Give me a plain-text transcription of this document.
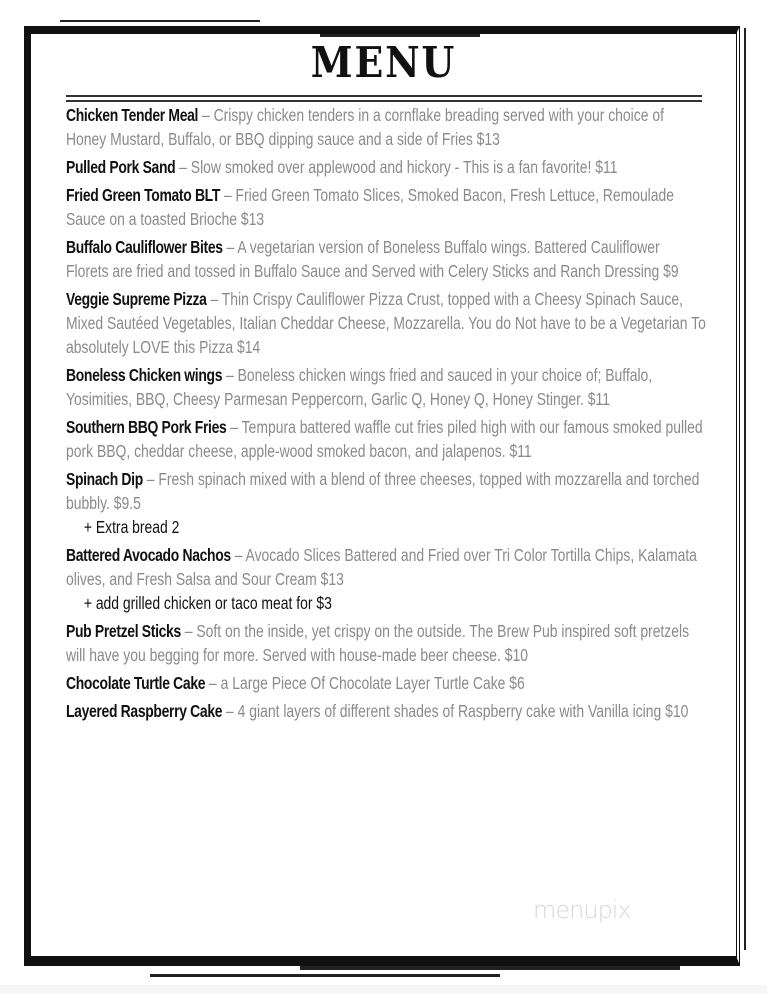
MENU
Chicken Tender Meal – Crispy chicken tenders in a cornflake breading served with your choice of Honey Mustard, Buffalo, or BBQ dipping sauce and a side of Fries $13
Pulled Pork Sand – Slow smoked over applewood and hickory - This is a fan favorite! $11
Fried Green Tomato BLT – Fried Green Tomato Slices, Smoked Bacon, Fresh Lettuce, Remoulade Sauce on a toasted Brioche $13
Buffalo Cauliflower Bites – A vegetarian version of Boneless Buffalo wings. Battered Cauliflower Florets are fried and tossed in Buffalo Sauce and Served with Celery Sticks and Ranch Dressing $9
Veggie Supreme Pizza – Thin Crispy Cauliflower Pizza Crust, topped with a Cheesy Spinach Sauce, Mixed Sautéed Vegetables, Italian Cheddar Cheese, Mozzarella. You do Not have to be a Vegetarian To absolutely LOVE this Pizza $14
Boneless Chicken wings – Boneless chicken wings fried and sauced in your choice of; Buffalo, Yosimities, BBQ, Cheesy Parmesan Peppercorn, Garlic Q, Honey Q, Honey Stinger. $11
Southern BBQ Pork Fries – Tempura battered waffle cut fries piled high with our famous smoked pulled pork BBQ, cheddar cheese, apple-wood smoked bacon, and jalapenos. $11
Spinach Dip – Fresh spinach mixed with a blend of three cheeses, topped with mozzarella and torched bubbly. $9.5
+ Extra bread 2
Battered Avocado Nachos – Avocado Slices Battered and Fried over Tri Color Tortilla Chips, Kalamata olives, and Fresh Salsa and Sour Cream $13
+ add grilled chicken or taco meat for $3
Pub Pretzel Sticks – Soft on the inside, yet crispy on the outside. The Brew Pub inspired soft pretzels will have you begging for more. Served with house-made beer cheese. $10
Chocolate Turtle Cake – a Large Piece Of Chocolate Layer Turtle Cake $6
Layered Raspberry Cake – 4 giant layers of different shades of Raspberry cake with Vanilla icing $10
menupix
